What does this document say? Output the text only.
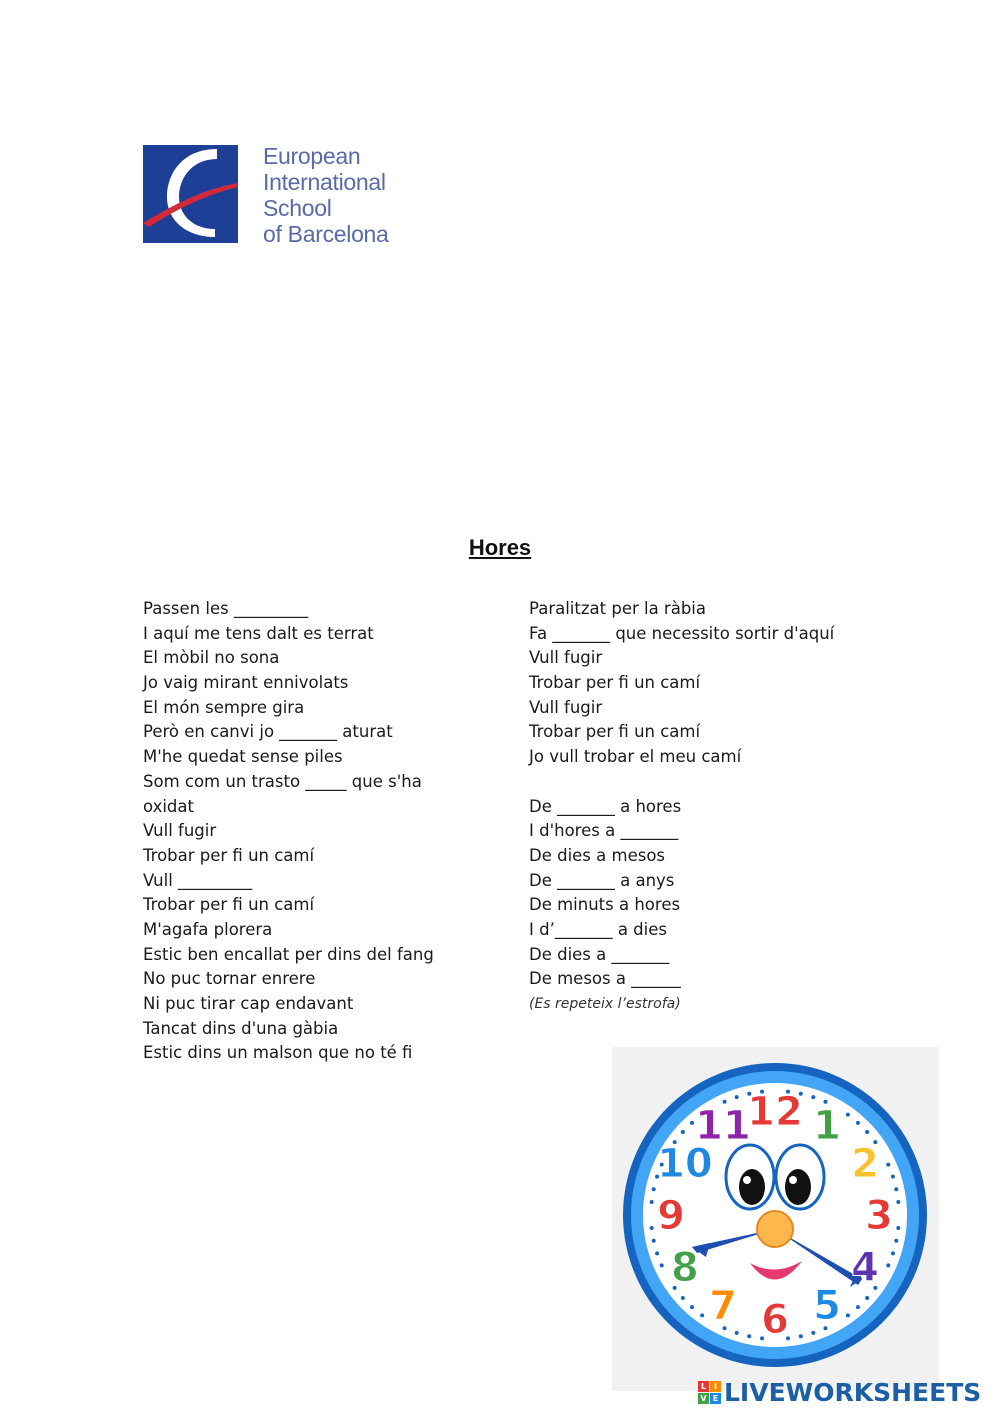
European
International
School
of Barcelona
Hores
Passen les _________
I aquí me tens dalt es terrat
El mòbil no sona
Jo vaig mirant ennivolats
El món sempre gira
Però en canvi jo _______ aturat
M'he quedat sense piles
Som com un trasto _____ que s'ha
oxidat
Vull fugir
Trobar per fi un camí
Vull _________
Trobar per fi un camí
M'agafa plorera
Estic ben encallat per dins del fang
No puc tornar enrere
Ni puc tirar cap endavant
Tancat dins d'una gàbia
Estic dins un malson que no té fi
Paralitzat per la ràbia
Fa _______ que necessito sortir d'aquí
Vull fugir
Trobar per fi un camí
Vull fugir
Trobar per fi un camí
Jo vull trobar el meu camí
De _______ a hores
I d'hores a _______
De dies a mesos
De _______ a anys
De minuts a hores
I d’_______ a dies
De dies a _______
De mesos a ______
(Es repeteix l’estrofa)
12 1
2
3
4
5
6
7
8
9
10
11
L I
V E LIVEWORKSHEETS
